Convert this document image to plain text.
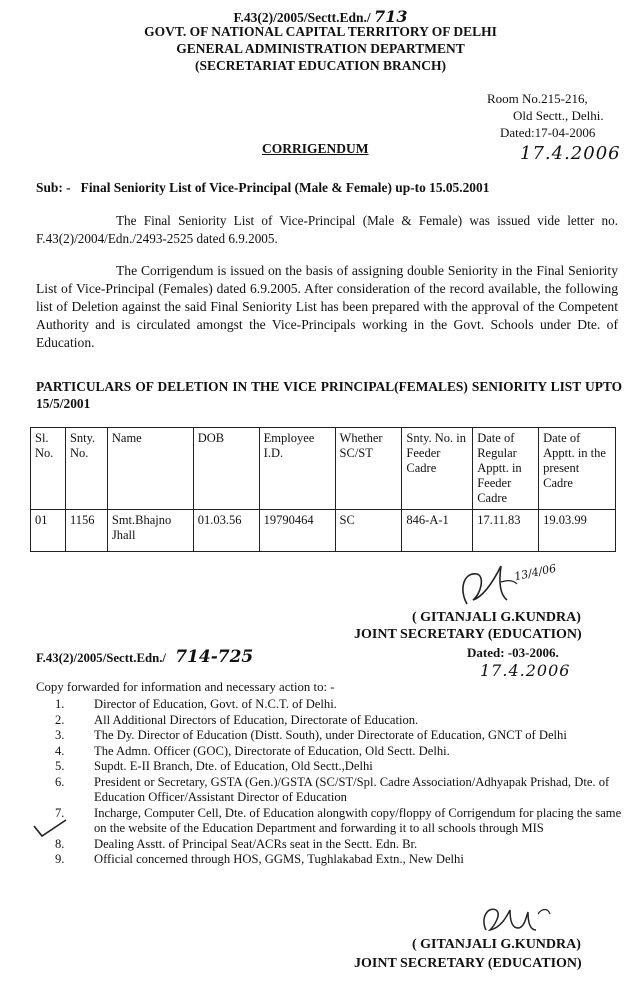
F.43(2)/2005/Sectt.Edn./ 713
GOVT. OF NATIONAL CAPITAL TERRITORY OF DELHI
GENERAL ADMINISTRATION DEPARTMENT
(SECRETARIAT EDUCATION BRANCH)
Room No.215-216,
Old Sectt., Delhi.
Dated:17-04-2006
17.4.2006
CORRIGENDUM
Sub: - Final Seniority List of Vice-Principal (Male & Female) up-to 15.05.2001
The Final Seniority List of Vice-Principal (Male & Female) was issued vide letter no. F.43(2)/2004/Edn./2493-2525 dated 6.9.2005.
The Corrigendum is issued on the basis of assigning double Seniority in the Final Seniority List of Vice-Principal (Females) dated 6.9.2005. After consideration of the record available, the following list of Deletion against the said Final Seniority List has been prepared with the approval of the Competent Authority and is circulated amongst the Vice-Principals working in the Govt. Schools under Dte. of Education.
PARTICULARS OF DELETION IN THE VICE PRINCIPAL(FEMALES) SENIORITY LIST UPTO 15/5/2001
Sl. No.	Snty. No.	Name	DOB	Employee I.D.	Whether SC/ST	Snty. No. in Feeder Cadre	Date of Regular Apptt. in Feeder Cadre	Date of Apptt. in the present Cadre
01	1156	Smt.Bhajno Jhall	01.03.56	19790464	SC	846-A-1	17.11.83	19.03.99
13/4/06
( GITANJALI G.KUNDRA)
JOINT SECRETARY (EDUCATION)
Dated: -03-2006.
17.4.2006
F.43(2)/2005/Sectt.Edn./ 714-725
Copy forwarded for information and necessary action to: -
1.	Director of Education, Govt. of N.C.T. of Delhi.
2.	All Additional Directors of Education, Directorate of Education.
3.	The Dy. Director of Education (Distt. South), under Directorate of Education, GNCT of Delhi
4.	The Admn. Officer (GOC), Directorate of Education, Old Sectt. Delhi.
5.	Supdt. E-II Branch, Dte. of Education, Old Sectt.,Delhi
6.	President or Secretary, GSTA (Gen.)/GSTA (SC/ST/Spl. Cadre Association/Adhyapak Prishad, Dte. of Education Officer/Assistant Director of Education
7.	Incharge, Computer Cell, Dte. of Education alongwith copy/floppy of Corrigendum for placing the same on the website of the Education Department and forwarding it to all schools through MIS
8.	Dealing Asstt. of Principal Seat/ACRs seat in the Sectt. Edn. Br.
9.	Official concerned through HOS, GGMS, Tughlakabad Extn., New Delhi
( GITANJALI G.KUNDRA)
JOINT SECRETARY (EDUCATION)
